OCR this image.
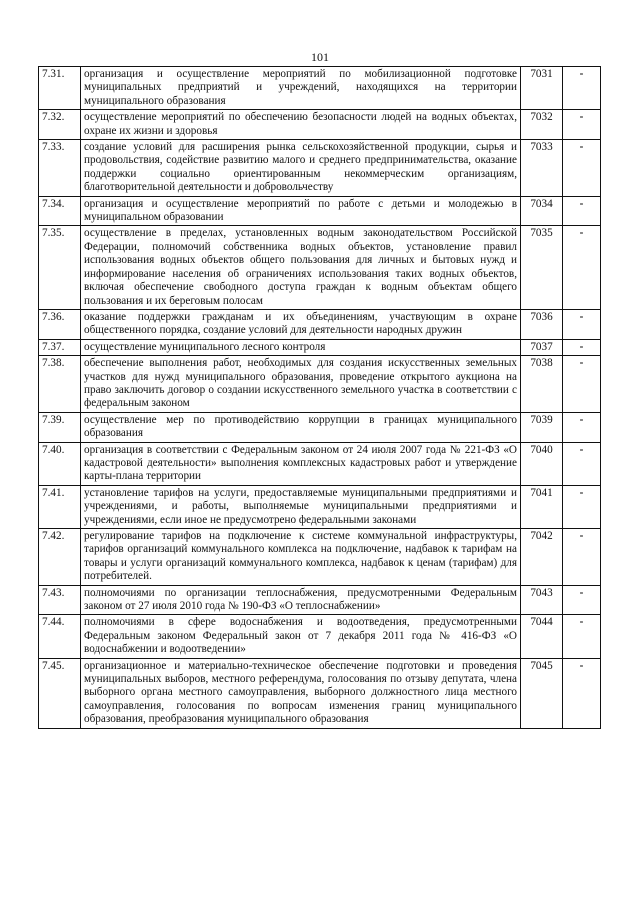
101
7.31.	организация и осуществление мероприятий по мобилизационной подготовке муниципальных предприятий и учреждений, находящихся на территории муниципального образования	7031	-
7.32.	осуществление мероприятий по обеспечению безопасности людей на водных объектах, охране их жизни и здоровья	7032	-
7.33.	создание условий для расширения рынка сельскохозяйственной продукции, сырья и продовольствия, содействие развитию малого и среднего предпринимательства, оказание поддержки социально ориентированным некоммерческим организациям, благотворительной деятельности и добровольчеству	7033	-
7.34.	организация и осуществление мероприятий по работе с детьми и молодежью в муниципальном образовании	7034	-
7.35.	осуществление в пределах, установленных водным законодательством Российской Федерации, полномочий собственника водных объектов, установление правил использования водных объектов общего пользования для личных и бытовых нужд и информирование населения об ограничениях использования таких водных объектов, включая обеспечение свободного доступа граждан к водным объектам общего пользования и их береговым полосам	7035	-
7.36.	оказание поддержки гражданам и их объединениям, участвующим в охране общественного порядка, создание условий для деятельности народных дружин	7036	-
7.37.	осуществление муниципального лесного контроля	7037	-
7.38.	обеспечение выполнения работ, необходимых для создания искусственных земельных участков для нужд муниципального образования, проведение открытого аукциона на право заключить договор о создании искусственного земельного участка в соответствии с федеральным законом	7038	-
7.39.	осуществление мер по противодействию коррупции в границах муниципального образования	7039	-
7.40.	организация в соответствии с Федеральным законом от 24 июля 2007 года № 221-ФЗ «О кадастровой деятельности» выполнения комплексных кадастровых работ и утверждение карты-плана территории	7040	-
7.41.	установление тарифов на услуги, предоставляемые муниципальными предприятиями и учреждениями, и работы, выполняемые муниципальными предприятиями и учреждениями, если иное не предусмотрено федеральными законами	7041	-
7.42.	регулирование тарифов на подключение к системе коммунальной инфраструктуры, тарифов организаций коммунального комплекса на подключение, надбавок к тарифам на товары и услуги организаций коммунального комплекса, надбавок к ценам (тарифам) для потребителей.	7042	-
7.43.	полномочиями по организации теплоснабжения, предусмотренными Федеральным законом от 27 июля 2010 года № 190-ФЗ «О теплоснабжении»	7043	-
7.44.	полномочиями в сфере водоснабжения и водоотведения, предусмотренными Федеральным законом Федеральный закон от 7 декабря 2011 года № 416-ФЗ «О водоснабжении и водоотведении»	7044	-
7.45.	организационное и материально-техническое обеспечение подготовки и проведения муниципальных выборов, местного референдума, голосования по отзыву депутата, члена выборного органа местного самоуправления, выборного должностного лица местного самоуправления, голосования по вопросам изменения границ муниципального образования, преобразования муниципального образования	7045	-
